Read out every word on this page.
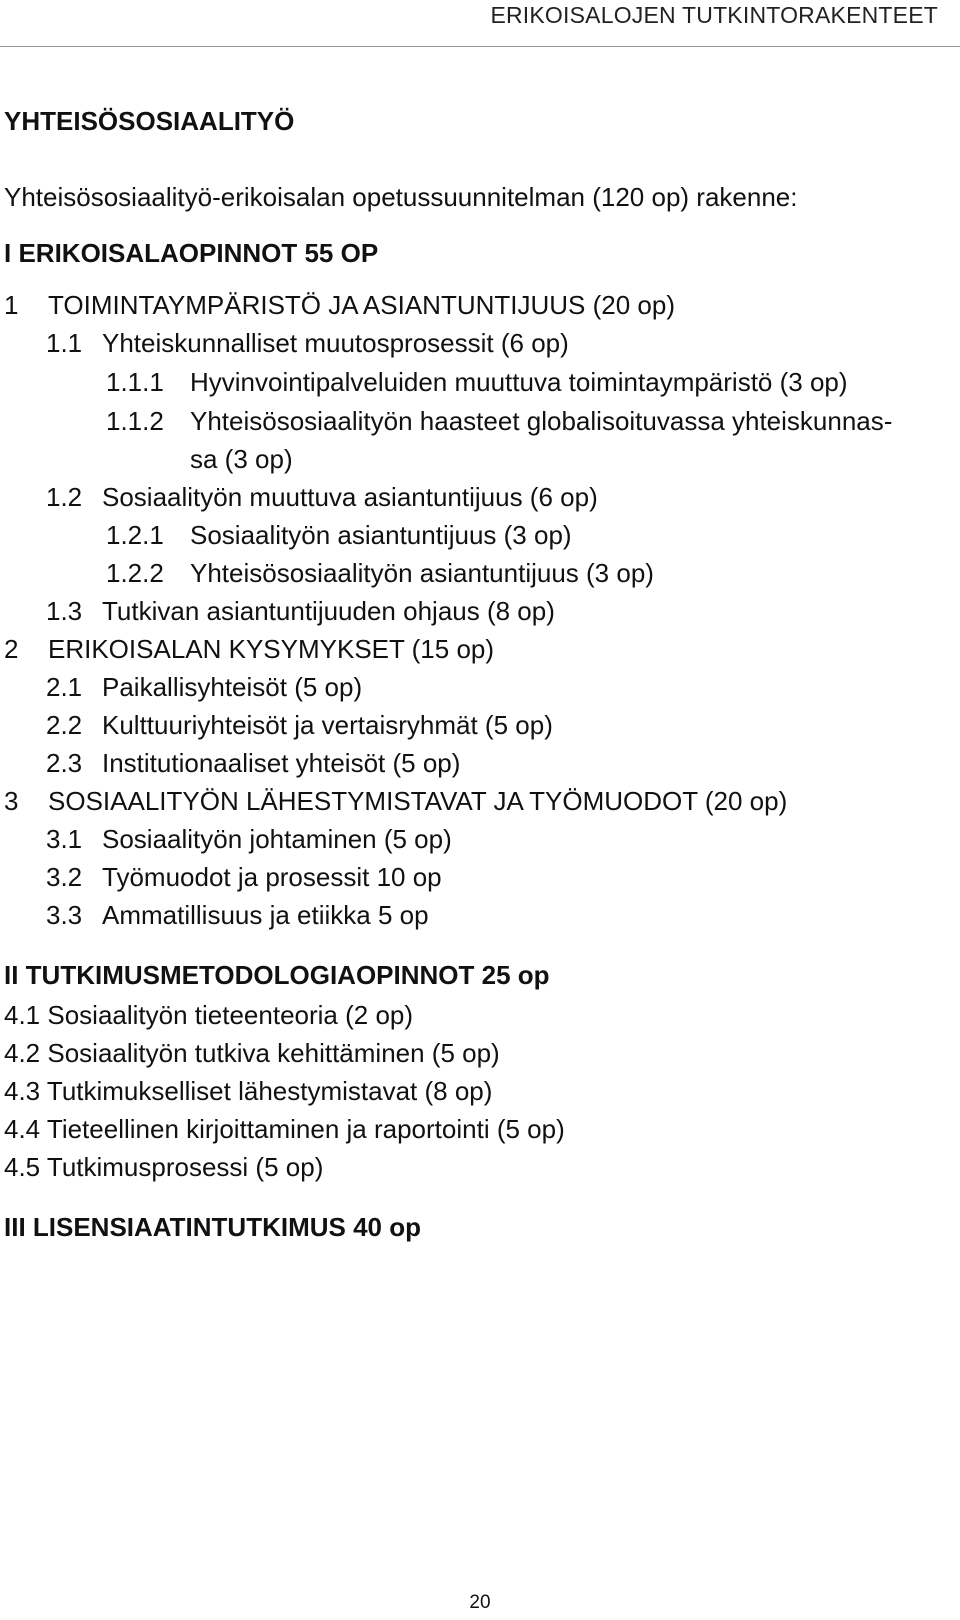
ERIKOISALOJEN TUTKINTORAKENTEET
YHTEISÖSOSIAALITYÖ
Yhteisösosiaalityö-erikoisalan opetussuunnitelman (120 op) rakenne:
I ERIKOISALAOPINNOT 55 OP
1 TOIMINTAYMPÄRISTÖ JA ASIANTUNTIJUUS (20 op)
1.1 Yhteiskunnalliset muutosprosessit (6 op)
1.1.1 Hyvinvointipalveluiden muuttuva toimintaympäristö (3 op)
1.1.2 Yhteisösosiaalityön haasteet globalisoituvassa yhteiskunnas-
sa (3 op)
1.2 Sosiaalityön muuttuva asiantuntijuus (6 op)
1.2.1 Sosiaalityön asiantuntijuus (3 op)
1.2.2 Yhteisösosiaalityön asiantuntijuus (3 op)
1.3 Tutkivan asiantuntijuuden ohjaus (8 op)
2 ERIKOISALAN KYSYMYKSET (15 op)
2.1 Paikallisyhteisöt (5 op)
2.2 Kulttuuriyhteisöt ja vertaisryhmät (5 op)
2.3 Institutionaaliset yhteisöt (5 op)
3 SOSIAALITYÖN LÄHESTYMISTAVAT JA TYÖMUODOT (20 op)
3.1 Sosiaalityön johtaminen (5 op)
3.2 Työmuodot ja prosessit 10 op
3.3 Ammatillisuus ja etiikka 5 op
II TUTKIMUSMETODOLOGIAOPINNOT 25 op
4.1 Sosiaalityön tieteenteoria (2 op)
4.2 Sosiaalityön tutkiva kehittäminen (5 op)
4.3 Tutkimukselliset lähestymistavat (8 op)
4.4 Tieteellinen kirjoittaminen ja raportointi (5 op)
4.5 Tutkimusprosessi (5 op)
III LISENSIAATINTUTKIMUS 40 op
20
